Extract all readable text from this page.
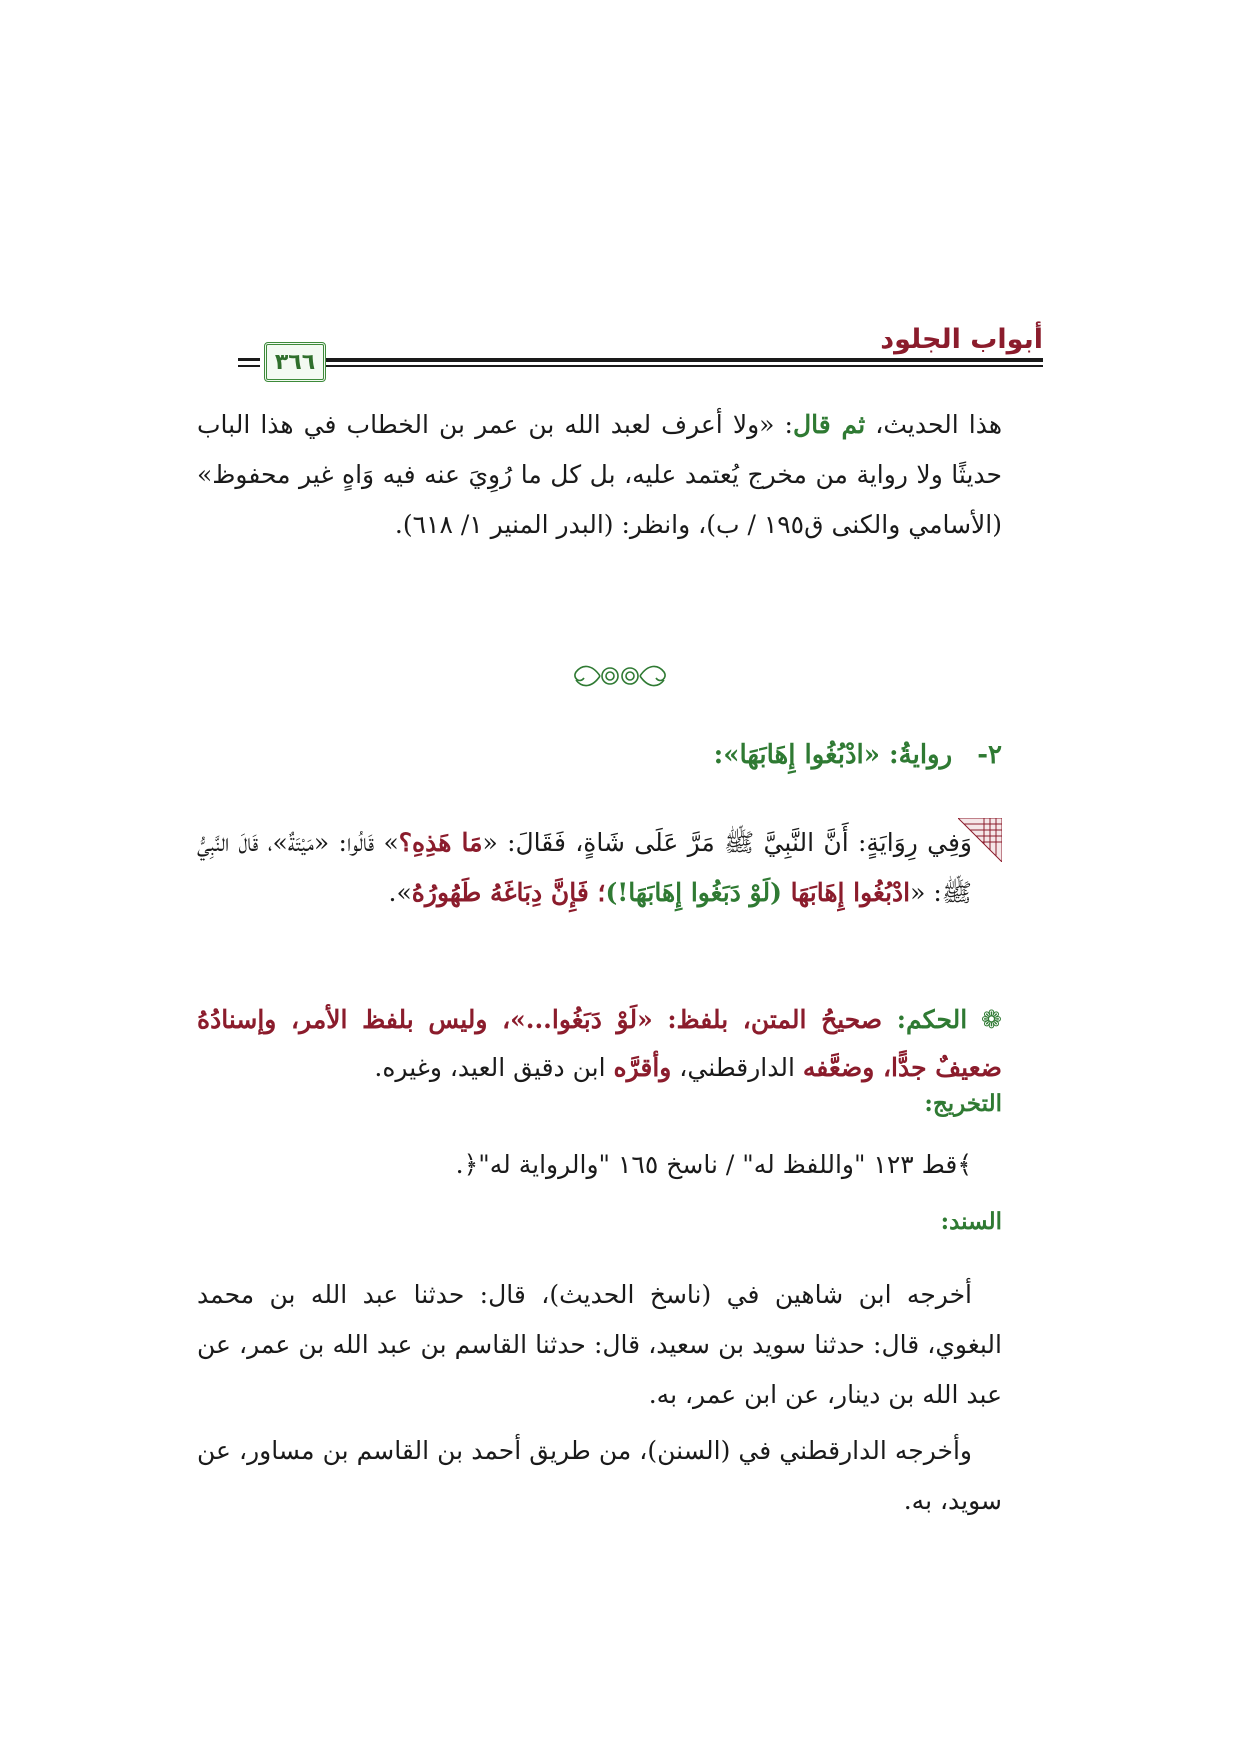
أبواب الجلود
٣٦٦
هذا الحديث، ثم قال: «ولا أعرف لعبد الله بن عمر بن الخطاب في هذا الباب حديثًا ولا رواية من مخرج يُعتمد عليه، بل كل ما رُوِيَ عنه فيه وَاهٍ غير محفوظ» (الأسامي والكنى ق١٩٥ / ب)، وانظر: (البدر المنير ١/ ٦١٨).
٢- روايةُ: «ادْبُغُوا إِهَابَهَا»:
وَفِي رِوَايَةٍ: أَنَّ النَّبِيَّ ﷺ مَرَّ عَلَى شَاةٍ، فَقَالَ: «مَا هَذِهِ؟» قَالُوا: «مَيْتَةٌ»، قَالَ النَّبِيُّ ﷺ: «ادْبُغُوا إِهَابَهَا (لَوْ دَبَغُوا إِهَابَهَا!)؛ فَإِنَّ دِبَاغَهُ طَهُورُهُ».
❁ الحكم: صحيحُ المتن، بلفظ: «لَوْ دَبَغُوا...»، وليس بلفظ الأمر، وإسنادُهُ ضعيفٌ جدًّا، وضعَّفه الدارقطني، وأقرَّه ابن دقيق العيد، وغيره.
التخريج:
﴾قط ١٢٣ "واللفظ له" / ناسخ ١٦٥ "والرواية له"﴿.
السند:
أخرجه ابن شاهين في (ناسخ الحديث)، قال: حدثنا عبد الله بن محمد البغوي، قال: حدثنا سويد بن سعيد، قال: حدثنا القاسم بن عبد الله بن عمر، عن عبد الله بن دينار، عن ابن عمر، به.
وأخرجه الدارقطني في (السنن)، من طريق أحمد بن القاسم بن مساور، عن سويد، به.
